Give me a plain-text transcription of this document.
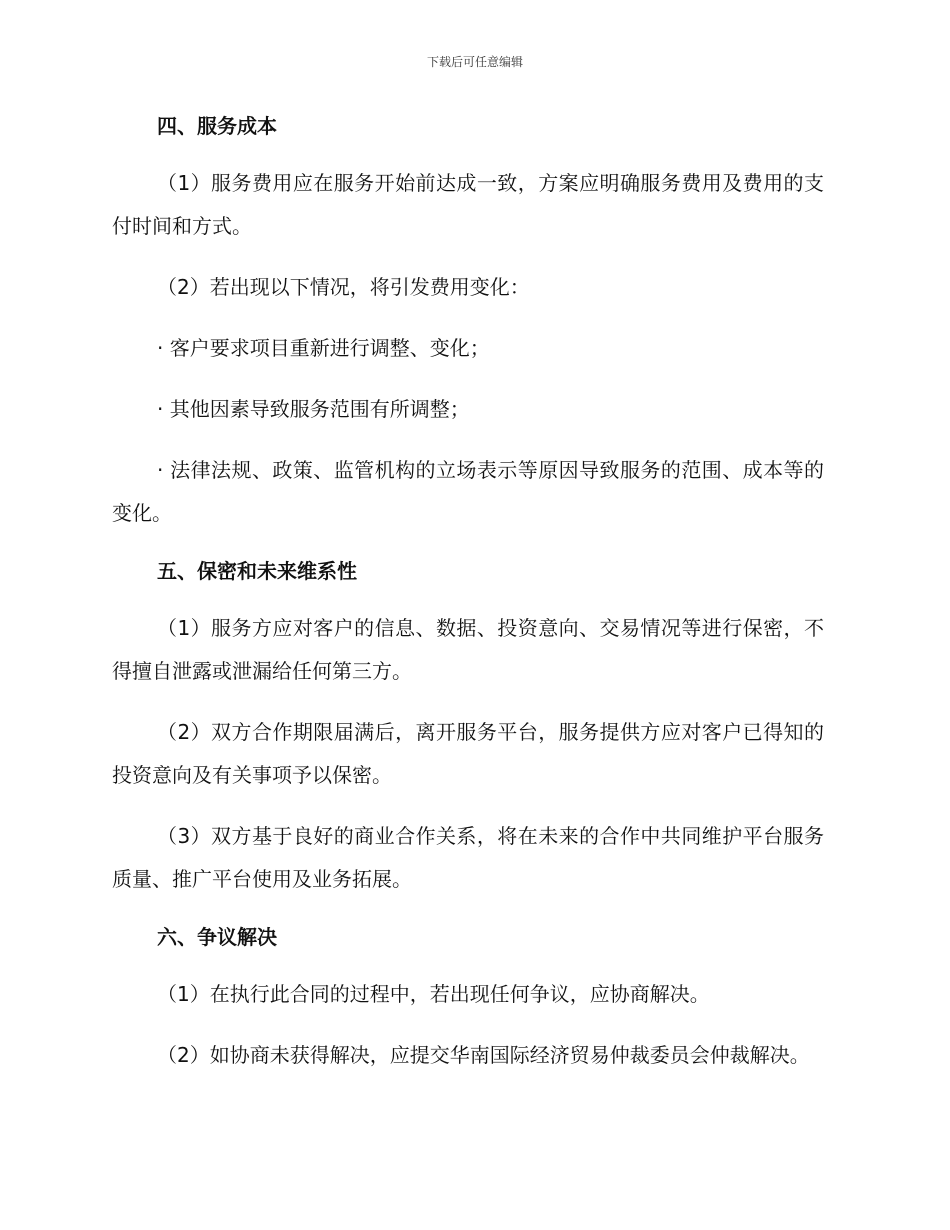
下载后可任意编辑
四、服务成本

（1）服务费用应在服务开始前达成一致，方案应明确服务费用及费用的支付时间和方式。

（2）若出现以下情况，将引发费用变化：

· 客户要求项目重新进行调整、变化；

· 其他因素导致服务范围有所调整；

· 法律法规、政策、监管机构的立场表示等原因导致服务的范围、成本等的变化。

五、保密和未来维系性

（1）服务方应对客户的信息、数据、投资意向、交易情况等进行保密，不得擅自泄露或泄漏给任何第三方。

（2）双方合作期限届满后，离开服务平台，服务提供方应对客户已得知的投资意向及有关事项予以保密。

（3）双方基于良好的商业合作关系，将在未来的合作中共同维护平台服务质量、推广平台使用及业务拓展。

六、争议解决

（1）在执行此合同的过程中，若出现任何争议，应协商解决。

（2）如协商未获得解决，应提交华南国际经济贸易仲裁委员会仲裁解决。
